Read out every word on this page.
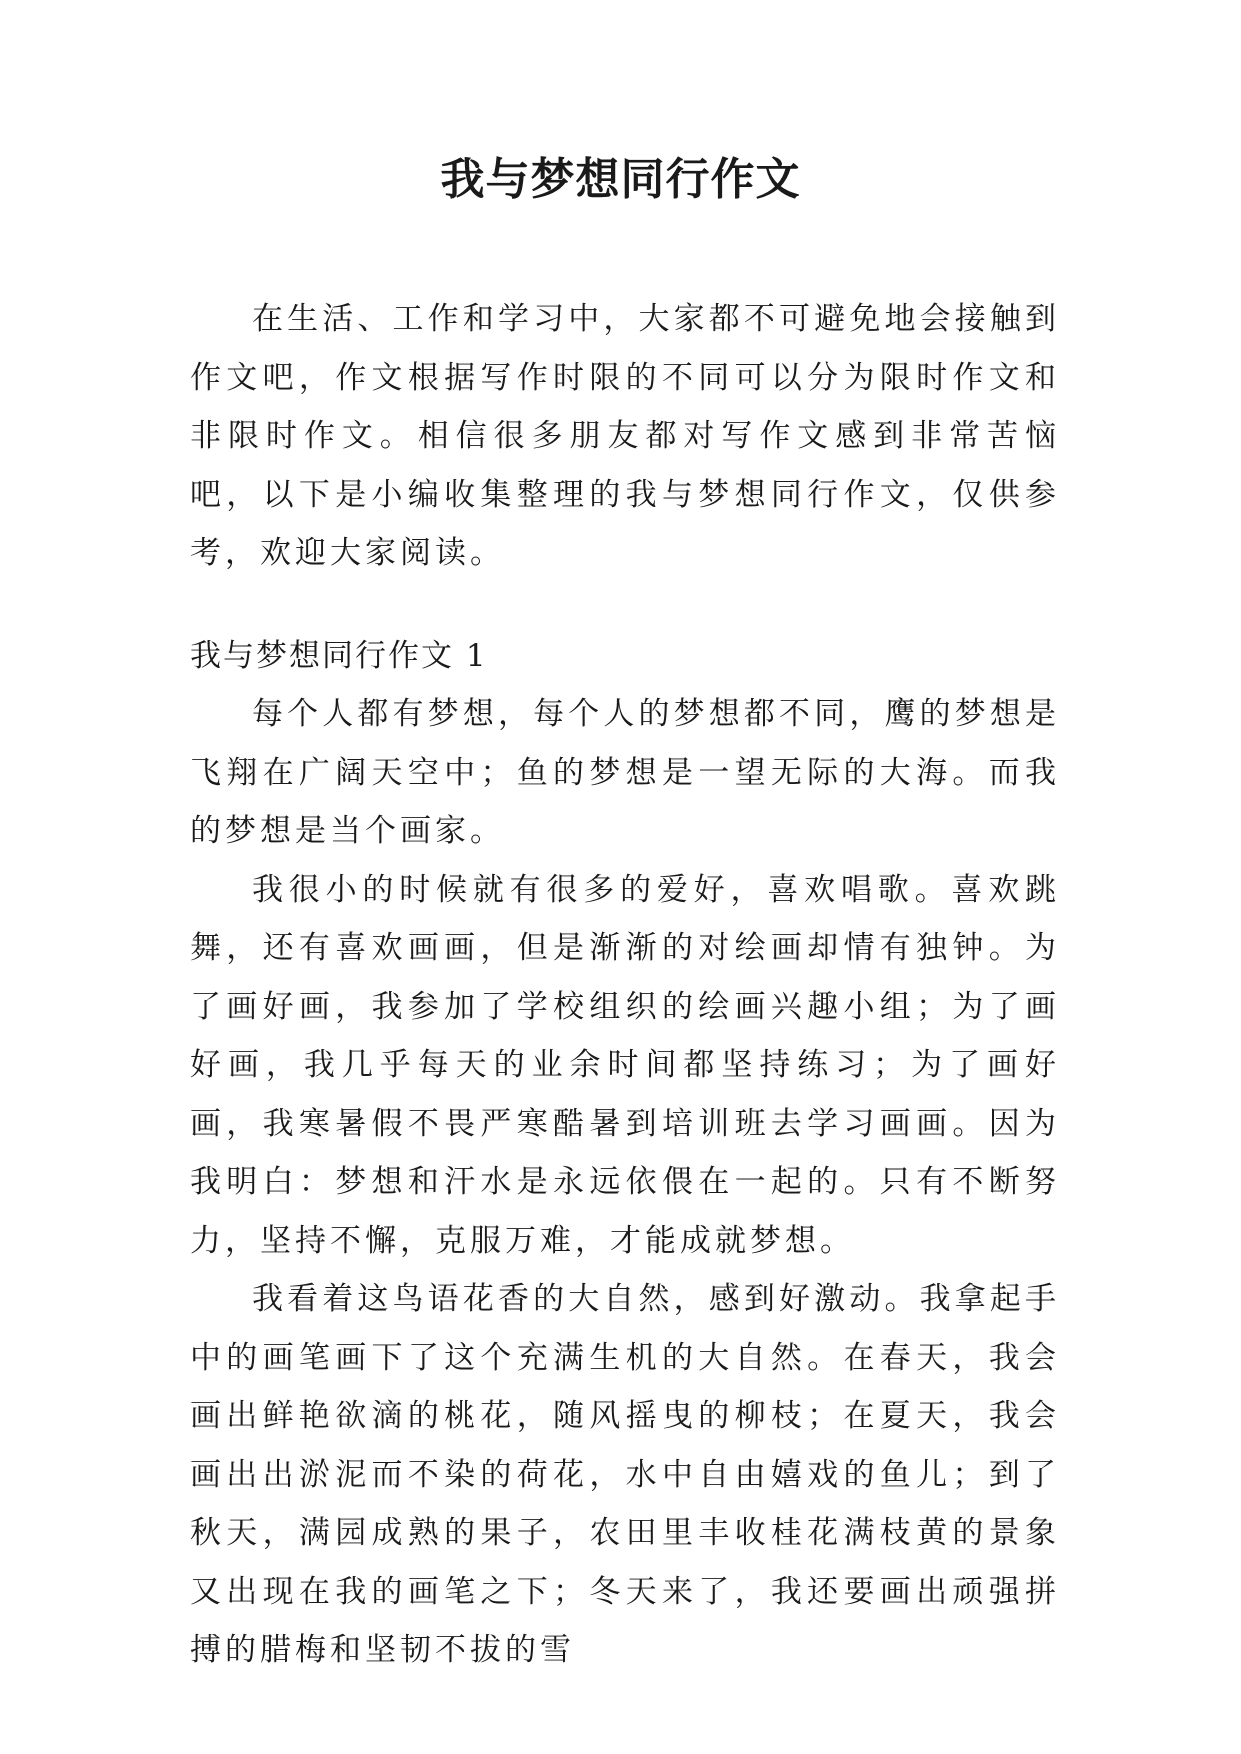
我与梦想同行作文

在生活、工作和学习中，大家都不可避免地会接触到作文吧，作文根据写作时限的不同可以分为限时作文和非限时作文。相信很多朋友都对写作文感到非常苦恼吧，以下是小编收集整理的我与梦想同行作文，仅供参考，欢迎大家阅读。

我与梦想同行作文 1

每个人都有梦想，每个人的梦想都不同，鹰的梦想是飞翔在广阔天空中；鱼的梦想是一望无际的大海。而我的梦想是当个画家。

我很小的时候就有很多的爱好，喜欢唱歌。喜欢跳舞，还有喜欢画画，但是渐渐的对绘画却情有独钟。为了画好画，我参加了学校组织的绘画兴趣小组；为了画好画，我几乎每天的业余时间都坚持练习；为了画好画，我寒暑假不畏严寒酷暑到培训班去学习画画。因为我明白：梦想和汗水是永远依偎在一起的。只有不断努力，坚持不懈，克服万难，才能成就梦想。

我看着这鸟语花香的大自然，感到好激动。我拿起手中的画笔画下了这个充满生机的大自然。在春天，我会画出鲜艳欲滴的桃花，随风摇曳的柳枝；在夏天，我会画出出淤泥而不染的荷花，水中自由嬉戏的鱼儿；到了秋天，满园成熟的果子，农田里丰收桂花满枝黄的景象又出现在我的画笔之下；冬天来了，我还要画出顽强拼搏的腊梅和坚韧不拔的雪
